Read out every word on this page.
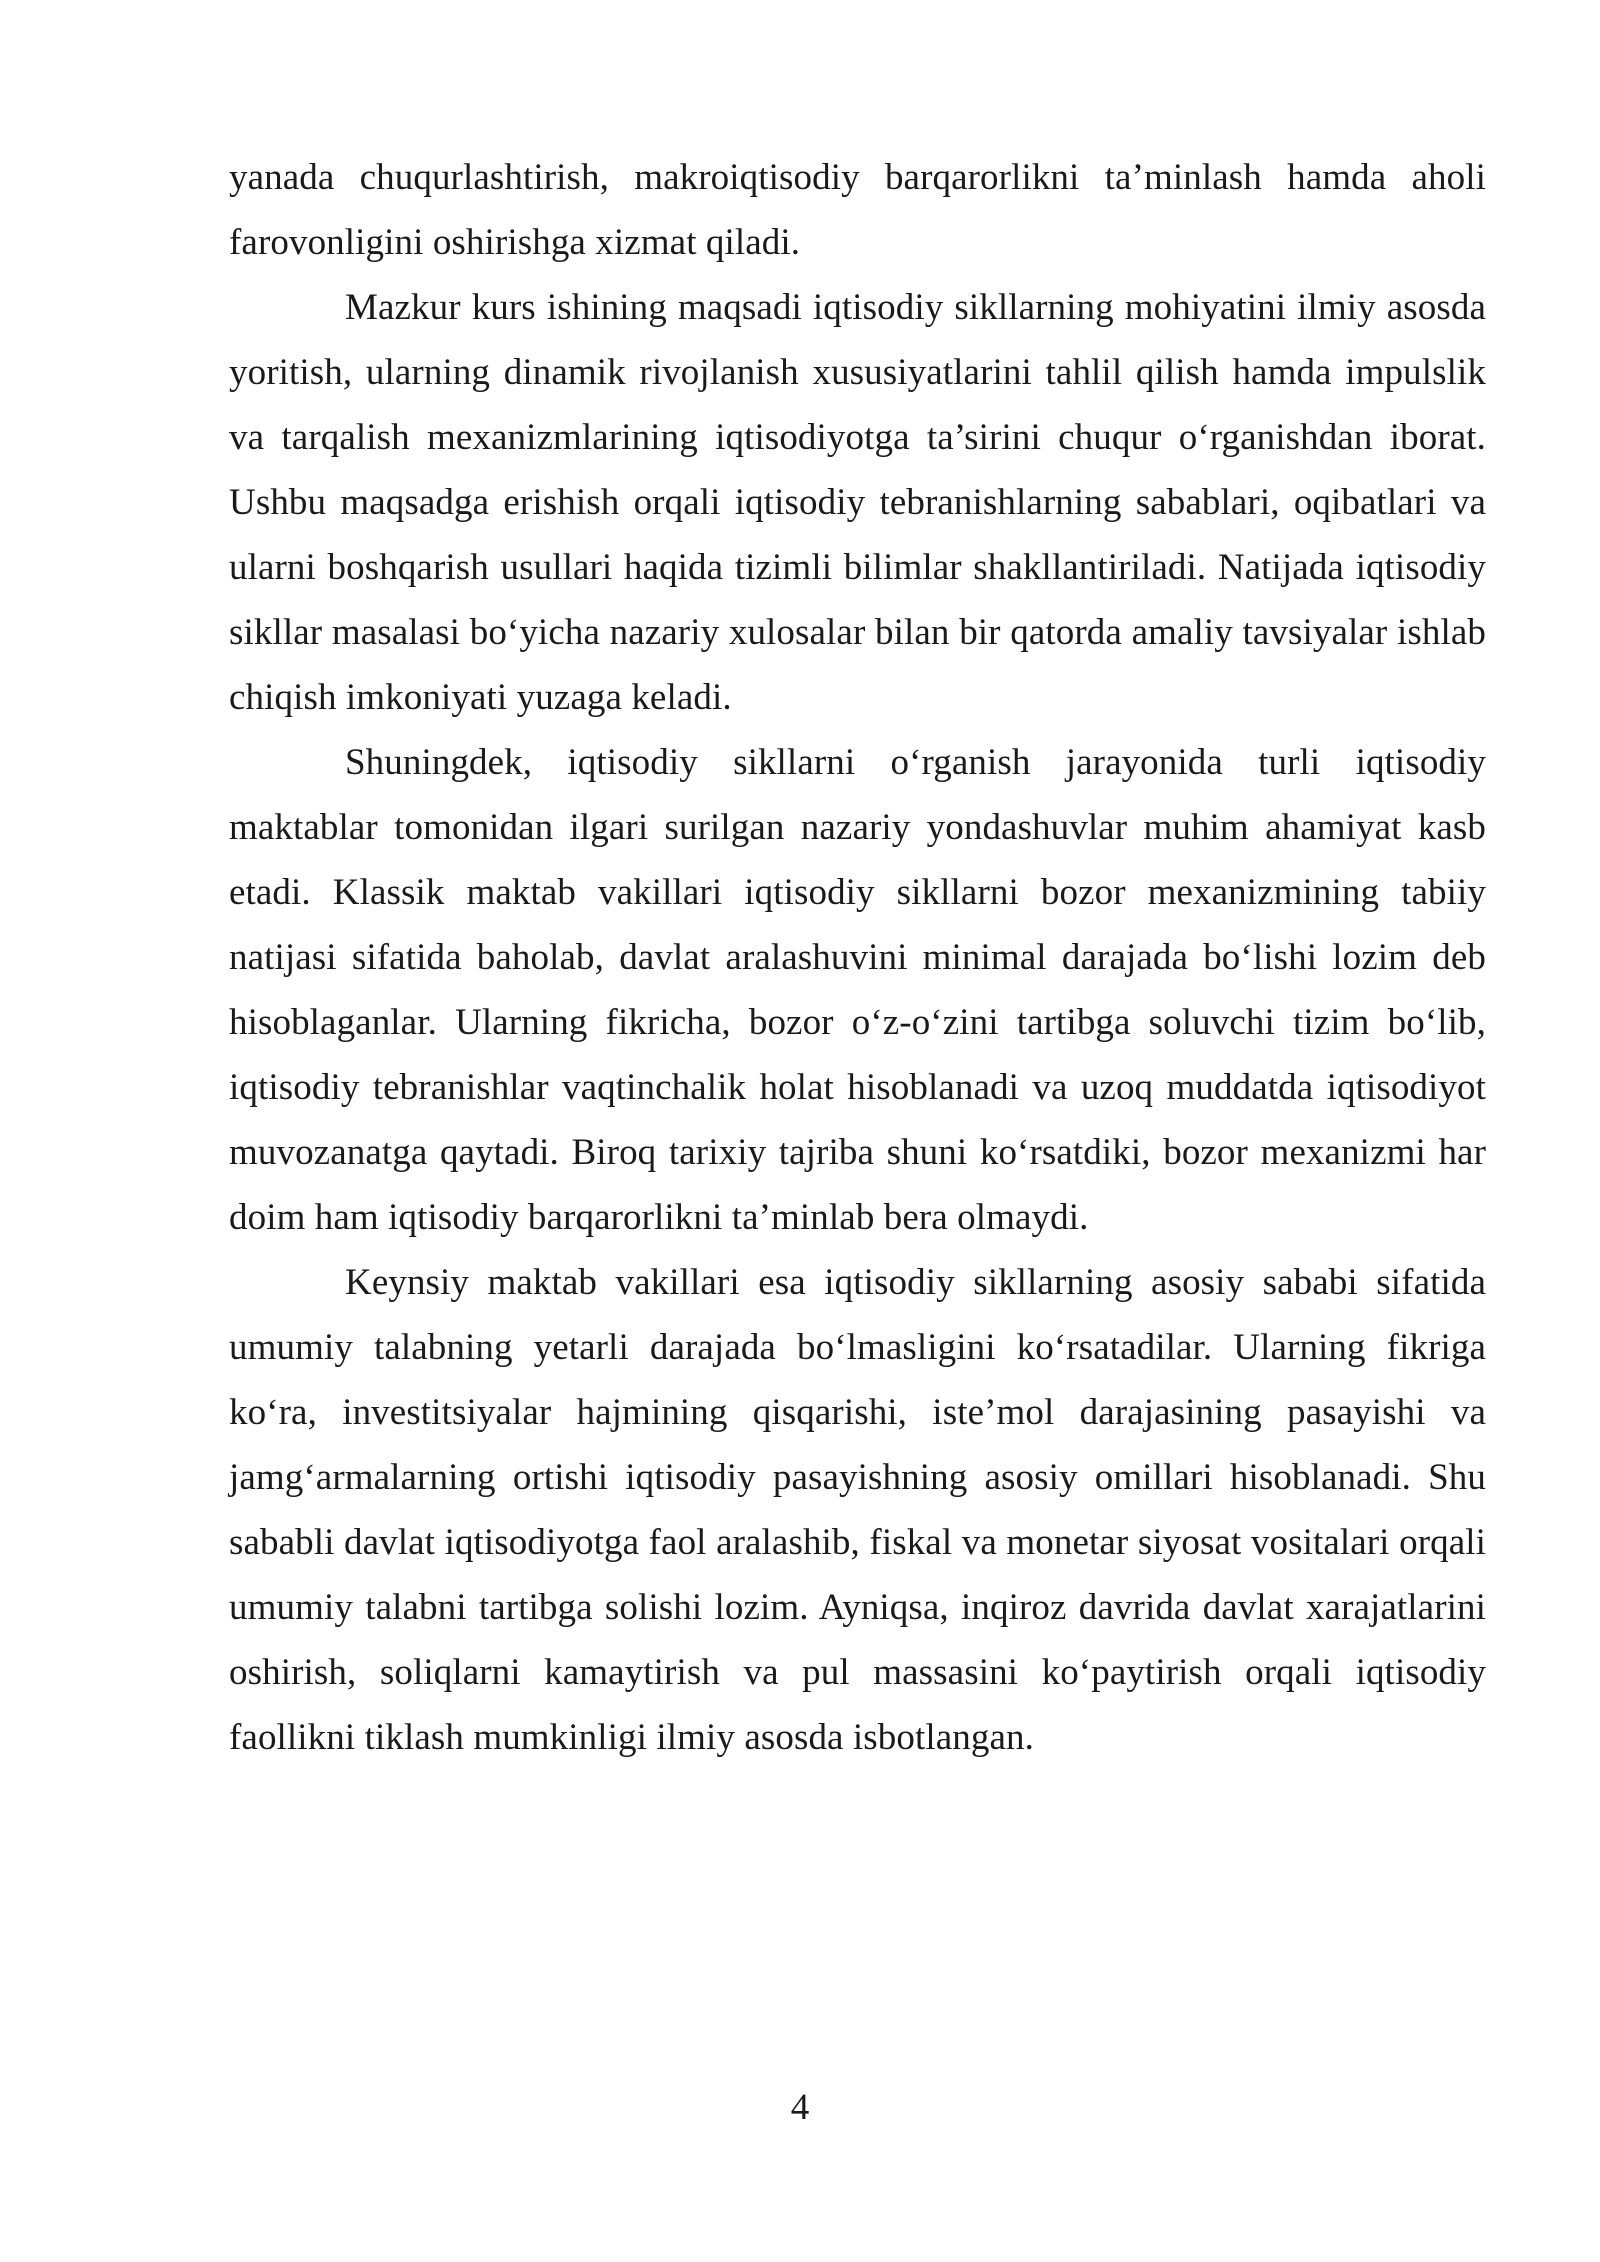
yanada chuqurlashtirish, makroiqtisodiy barqarorlikni ta’minlash hamda aholi farovonligini oshirishga xizmat qiladi.

Mazkur kurs ishining maqsadi iqtisodiy sikllarning mohiyatini ilmiy asosda yoritish, ularning dinamik rivojlanish xususiyatlarini tahlil qilish hamda impulslik va tarqalish mexanizmlarining iqtisodiyotga ta’sirini chuqur o‘rganishdan iborat. Ushbu maqsadga erishish orqali iqtisodiy tebranishlarning sabablari, oqibatlari va ularni boshqarish usullari haqida tizimli bilimlar shakllantiriladi. Natijada iqtisodiy sikllar masalasi bo‘yicha nazariy xulosalar bilan bir qatorda amaliy tavsiyalar ishlab chiqish imkoniyati yuzaga keladi.

Shuningdek, iqtisodiy sikllarni o‘rganish jarayonida turli iqtisodiy maktablar tomonidan ilgari surilgan nazariy yondashuvlar muhim ahamiyat kasb etadi. Klassik maktab vakillari iqtisodiy sikllarni bozor mexanizmining tabiiy natijasi sifatida baholab, davlat aralashuvini minimal darajada bo‘lishi lozim deb hisoblaganlar. Ularning fikricha, bozor o‘z-o‘zini tartibga soluvchi tizim bo‘lib, iqtisodiy tebranishlar vaqtinchalik holat hisoblanadi va uzoq muddatda iqtisodiyot muvozanatga qaytadi. Biroq tarixiy tajriba shuni ko‘rsatdiki, bozor mexanizmi har doim ham iqtisodiy barqarorlikni ta’minlab bera olmaydi.

Keynsiy maktab vakillari esa iqtisodiy sikllarning asosiy sababi sifatida umumiy talabning yetarli darajada bo‘lmasligini ko‘rsatadilar. Ularning fikriga ko‘ra, investitsiyalar hajmining qisqarishi, iste’mol darajasining pasayishi va jamg‘armalarning ortishi iqtisodiy pasayishning asosiy omillari hisoblanadi. Shu sababli davlat iqtisodiyotga faol aralashib, fiskal va monetar siyosat vositalari orqali umumiy talabni tartibga solishi lozim. Ayniqsa, inqiroz davrida davlat xarajatlarini oshirish, soliqlarni kamaytirish va pul massasini ko‘paytirish orqali iqtisodiy faollikni tiklash mumkinligi ilmiy asosda isbotlangan.

4
